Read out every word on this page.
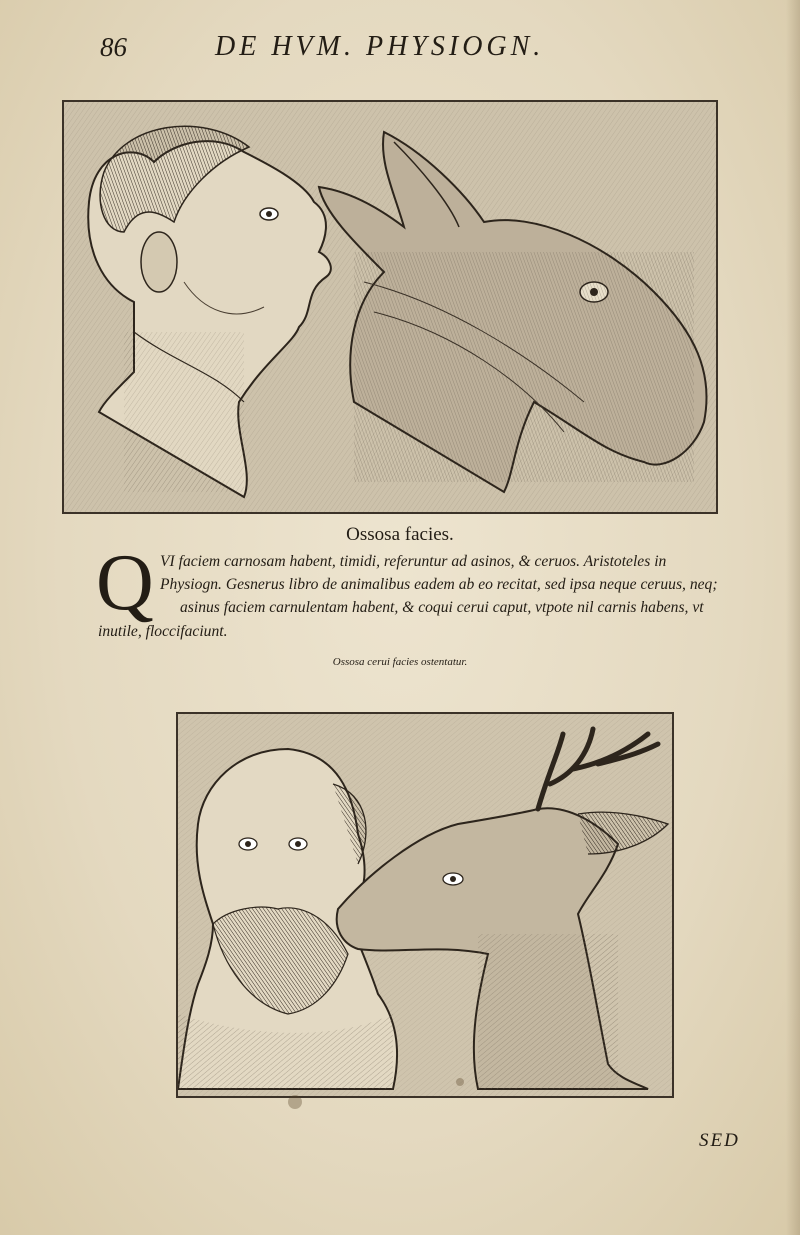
86	DE HVM. PHYSIOGN.
Ossosa facies.
Q VI faciem carnosam habent, timidi, referuntur ad asinos, & ceruos. Aristoteles in
Physiogn. Gesnerus libro de animalibus eadem ab eo recitat, sed ipsa neque ceruus, neq;
asinus faciem carnulentam habent, & coqui cerui caput, vtpote nil carnis habens, vt
inutile, floccifaciunt.
Ossosa cerui facies ostentatur.
SED
